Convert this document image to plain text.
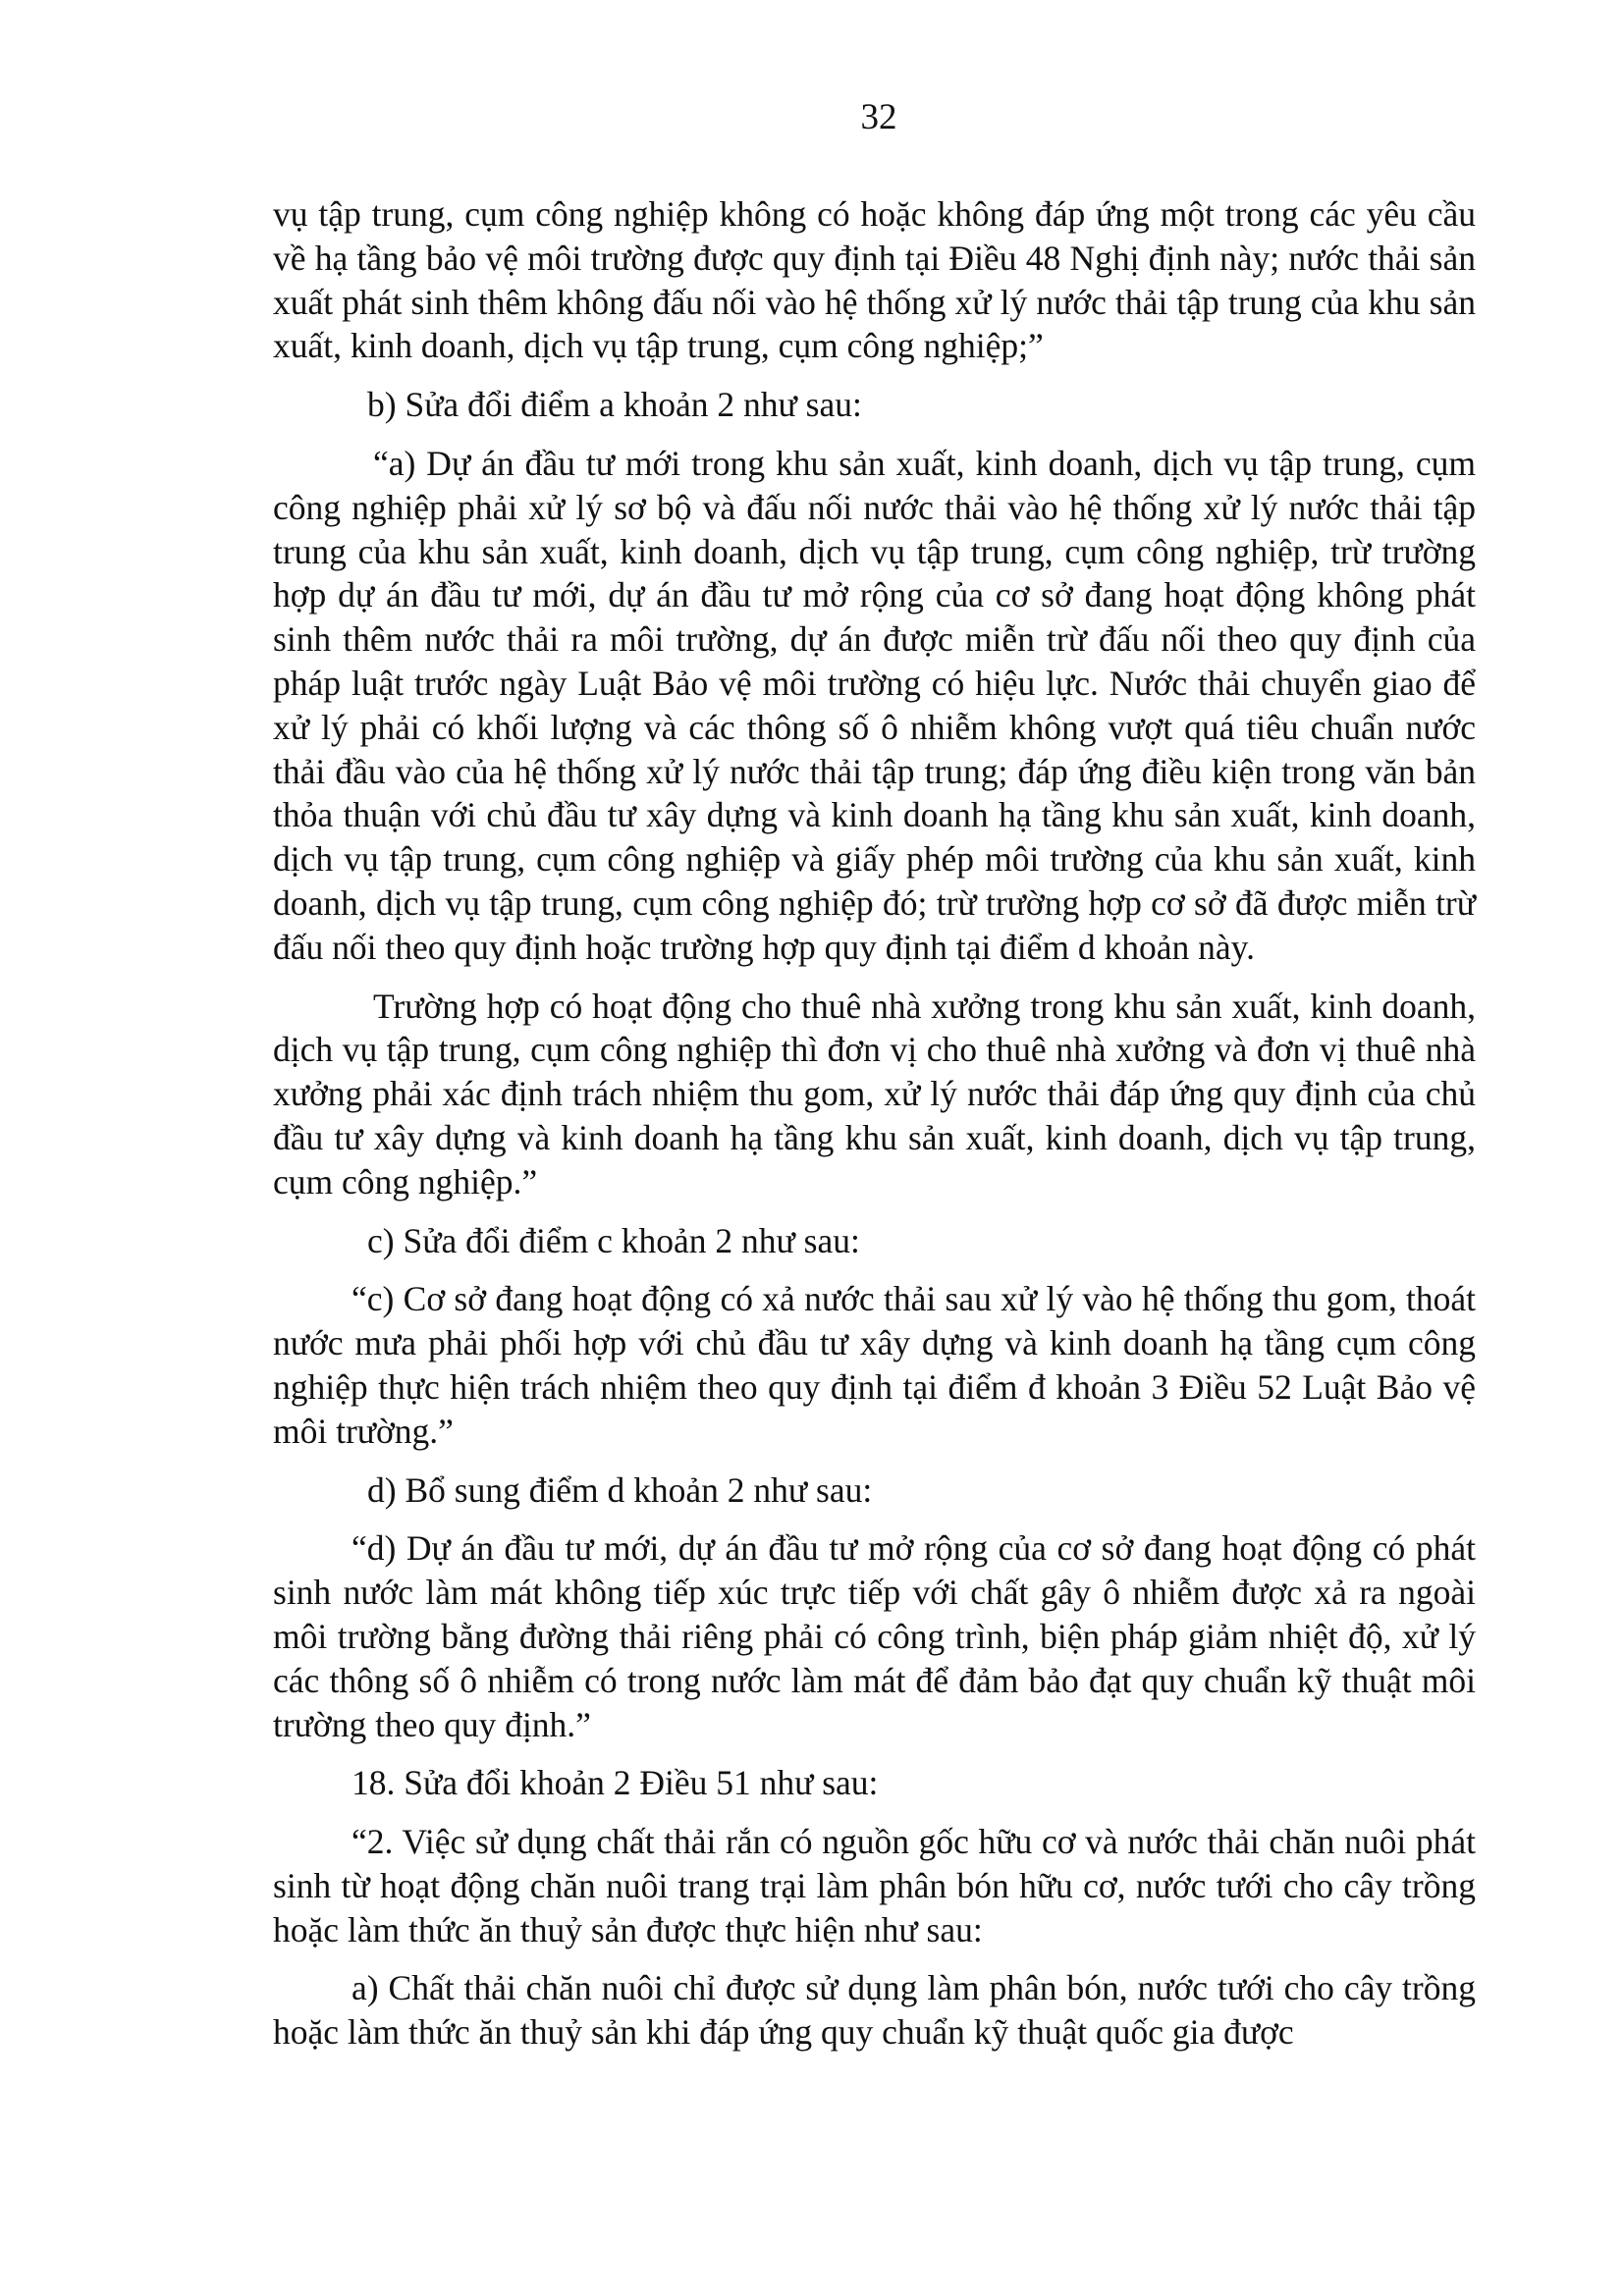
32

vụ tập trung, cụm công nghiệp không có hoặc không đáp ứng một trong các yêu cầu về hạ tầng bảo vệ môi trường được quy định tại Điều 48 Nghị định này; nước thải sản xuất phát sinh thêm không đấu nối vào hệ thống xử lý nước thải tập trung của khu sản xuất, kinh doanh, dịch vụ tập trung, cụm công nghiệp;”

b) Sửa đổi điểm a khoản 2 như sau:

“a) Dự án đầu tư mới trong khu sản xuất, kinh doanh, dịch vụ tập trung, cụm công nghiệp phải xử lý sơ bộ và đấu nối nước thải vào hệ thống xử lý nước thải tập trung của khu sản xuất, kinh doanh, dịch vụ tập trung, cụm công nghiệp, trừ trường hợp dự án đầu tư mới, dự án đầu tư mở rộng của cơ sở đang hoạt động không phát sinh thêm nước thải ra môi trường, dự án được miễn trừ đấu nối theo quy định của pháp luật trước ngày Luật Bảo vệ môi trường có hiệu lực. Nước thải chuyển giao để xử lý phải có khối lượng và các thông số ô nhiễm không vượt quá tiêu chuẩn nước thải đầu vào của hệ thống xử lý nước thải tập trung; đáp ứng điều kiện trong văn bản thỏa thuận với chủ đầu tư xây dựng và kinh doanh hạ tầng khu sản xuất, kinh doanh, dịch vụ tập trung, cụm công nghiệp và giấy phép môi trường của khu sản xuất, kinh doanh, dịch vụ tập trung, cụm công nghiệp đó; trừ trường hợp cơ sở đã được miễn trừ đấu nối theo quy định hoặc trường hợp quy định tại điểm d khoản này.

Trường hợp có hoạt động cho thuê nhà xưởng trong khu sản xuất, kinh doanh, dịch vụ tập trung, cụm công nghiệp thì đơn vị cho thuê nhà xưởng và đơn vị thuê nhà xưởng phải xác định trách nhiệm thu gom, xử lý nước thải đáp ứng quy định của chủ đầu tư xây dựng và kinh doanh hạ tầng khu sản xuất, kinh doanh, dịch vụ tập trung, cụm công nghiệp.”

c) Sửa đổi điểm c khoản 2 như sau:

“c) Cơ sở đang hoạt động có xả nước thải sau xử lý vào hệ thống thu gom, thoát nước mưa phải phối hợp với chủ đầu tư xây dựng và kinh doanh hạ tầng cụm công nghiệp thực hiện trách nhiệm theo quy định tại điểm đ khoản 3 Điều 52 Luật Bảo vệ môi trường.”

d) Bổ sung điểm d khoản 2 như sau:

“d) Dự án đầu tư mới, dự án đầu tư mở rộng của cơ sở đang hoạt động có phát sinh nước làm mát không tiếp xúc trực tiếp với chất gây ô nhiễm được xả ra ngoài môi trường bằng đường thải riêng phải có công trình, biện pháp giảm nhiệt độ, xử lý các thông số ô nhiễm có trong nước làm mát để đảm bảo đạt quy chuẩn kỹ thuật môi trường theo quy định.”

18. Sửa đổi khoản 2 Điều 51 như sau:

“2. Việc sử dụng chất thải rắn có nguồn gốc hữu cơ và nước thải chăn nuôi phát sinh từ hoạt động chăn nuôi trang trại làm phân bón hữu cơ, nước tưới cho cây trồng hoặc làm thức ăn thuỷ sản được thực hiện như sau:

a) Chất thải chăn nuôi chỉ được sử dụng làm phân bón, nước tưới cho cây trồng hoặc làm thức ăn thuỷ sản khi đáp ứng quy chuẩn kỹ thuật quốc gia được
